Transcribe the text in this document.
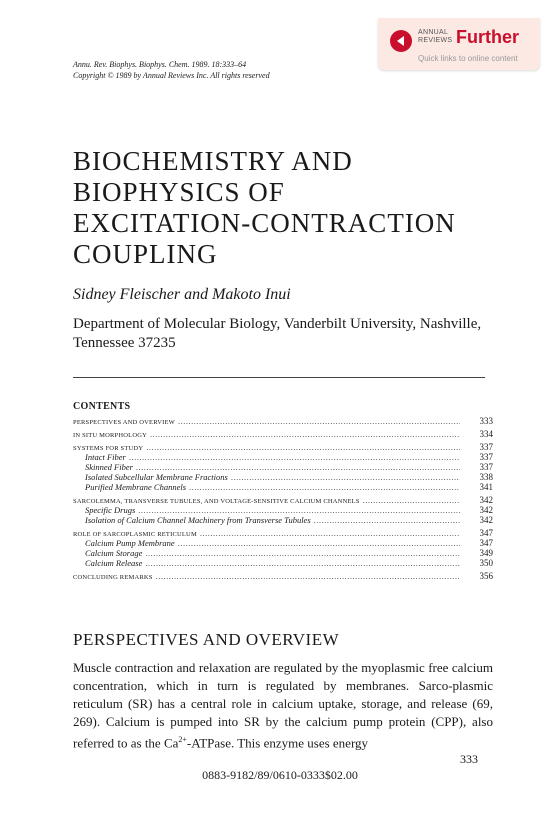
ANNUAL
REVIEWS Further
Quick links to online content
Annu. Rev. Biophys. Biophys. Chem. 1989. 18:333–64
Copyright © 1989 by Annual Reviews Inc. All rights reserved
BIOCHEMISTRY AND
BIOPHYSICS OF
EXCITATION-CONTRACTION
COUPLING
Sidney Fleischer and Makoto Inui
Department of Molecular Biology, Vanderbilt University, Nashville,
Tennessee 37235
CONTENTS
PERSPECTIVES AND OVERVIEW .....	333
IN SITU MORPHOLOGY .....	334
SYSTEMS FOR STUDY .....	337
Intact Fiber .....	337
Skinned Fiber .....	337
Isolated Subcellular Membrane Fractions .....	338
Purified Membrane Channels .....	341
SARCOLEMMA, TRANSVERSE TUBULES, AND VOLTAGE-SENSITIVE CALCIUM CHANNELS .....	342
Specific Drugs .....	342
Isolation of Calcium Channel Machinery from Transverse Tubules .....	342
ROLE OF SARCOPLASMIC RETICULUM .....	347
Calcium Pump Membrane .....	347
Calcium Storage .....	349
Calcium Release .....	350
CONCLUDING REMARKS .....	356
PERSPECTIVES AND OVERVIEW

Muscle contraction and relaxation are regulated by the myoplasmic free calcium concentration, which in turn is regulated by membranes. Sarco-plasmic reticulum (SR) has a central role in calcium uptake, storage, and release (69, 269). Calcium is pumped into SR by the calcium pump protein (CPP), also referred to as the $Ca^{2+}$-ATPase. This enzyme uses energy

333
0883-9182/89/0610-0333$02.00
